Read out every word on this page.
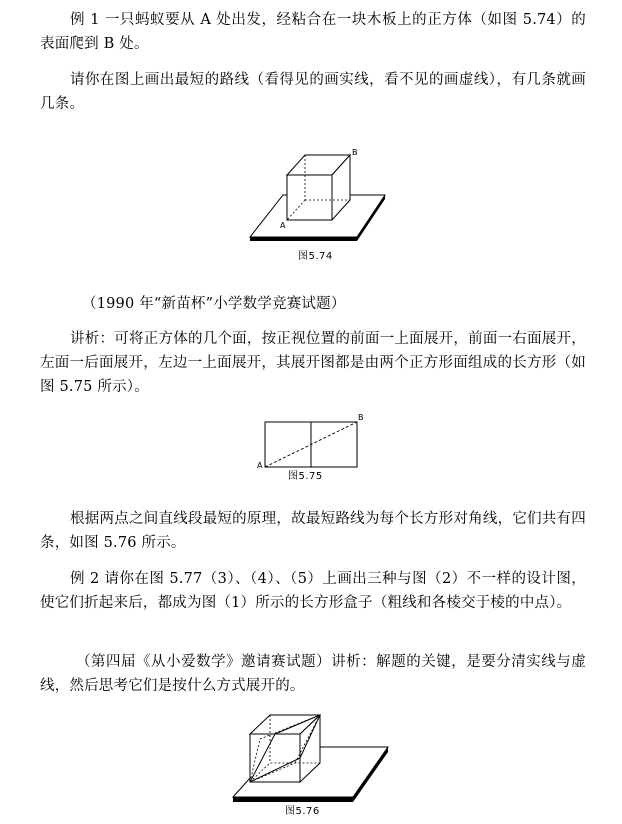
例 1 一只蚂蚁要从 A 处出发，经粘合在一块木板上的正方体（如图 5.74）的表面爬到 B 处。

请你在图上画出最短的路线（看得见的画实线，看不见的画虚线），有几条就画几条。

A
B
图5.74

（1990 年“新苗杯”小学数学竞赛试题）

讲析：可将正方体的几个面，按正视位置的前面一上面展开，前面一右面展开，左面一后面展开，左边一上面展开，其展开图都是由两个正方形面组成的长方形（如图 5.75 所示）。

A
B
图5.75

根据两点之间直线段最短的原理，故最短路线为每个长方形对角线，它们共有四条，如图 5.76 所示。

例 2 请你在图 5.77（3）、（4）、（5）上画出三种与图（2）不一样的设计图，使它们折起来后，都成为图（1）所示的长方形盒子（粗线和各棱交于棱的中点）。

（第四届《从小爱数学》邀请赛试题）讲析：解题的关键，是要分清实线与虚线，然后思考它们是按什么方式展开的。

图5.76
